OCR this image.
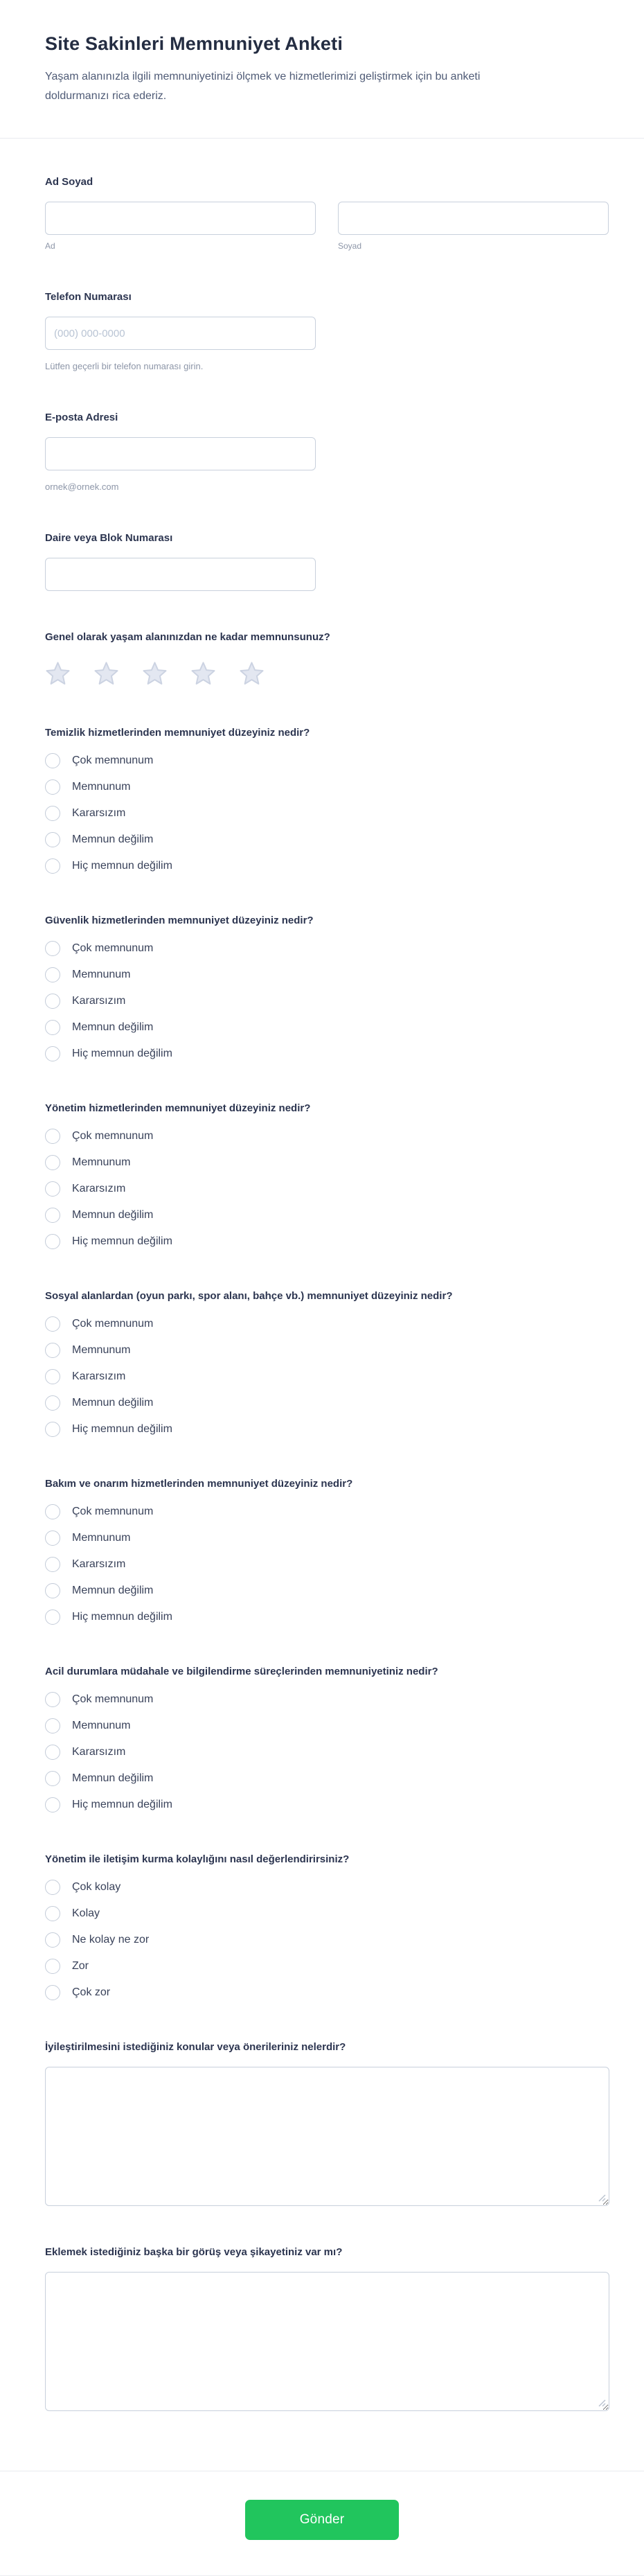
Site Sakinleri Memnuniyet Anketi

Yaşam alanınızla ilgili memnuniyetinizi ölçmek ve hizmetlerimizi geliştirmek için bu anketi doldurmanızı rica ederiz.

Ad Soyad
Ad	Soyad
Telefon Numarası
(000) 000-0000
Lütfen geçerli bir telefon numarası girin.
E-posta Adresi
ornek@ornek.com
Daire veya Blok Numarası
Genel olarak yaşam alanınızdan ne kadar memnunsunuz?
Temizlik hizmetlerinden memnuniyet düzeyiniz nedir?
Çok memnunum
Memnunum
Kararsızım
Memnun değilim
Hiç memnun değilim
Güvenlik hizmetlerinden memnuniyet düzeyiniz nedir?
Çok memnunum
Memnunum
Kararsızım
Memnun değilim
Hiç memnun değilim
Yönetim hizmetlerinden memnuniyet düzeyiniz nedir?
Çok memnunum
Memnunum
Kararsızım
Memnun değilim
Hiç memnun değilim
Sosyal alanlardan (oyun parkı, spor alanı, bahçe vb.) memnuniyet düzeyiniz nedir?
Çok memnunum
Memnunum
Kararsızım
Memnun değilim
Hiç memnun değilim
Bakım ve onarım hizmetlerinden memnuniyet düzeyiniz nedir?
Çok memnunum
Memnunum
Kararsızım
Memnun değilim
Hiç memnun değilim
Acil durumlara müdahale ve bilgilendirme süreçlerinden memnuniyetiniz nedir?
Çok memnunum
Memnunum
Kararsızım
Memnun değilim
Hiç memnun değilim
Yönetim ile iletişim kurma kolaylığını nasıl değerlendirirsiniz?
Çok kolay
Kolay
Ne kolay ne zor
Zor
Çok zor
İyileştirilmesini istediğiniz konular veya önerileriniz nelerdir?
Eklemek istediğiniz başka bir görüş veya şikayetiniz var mı?
Gönder
